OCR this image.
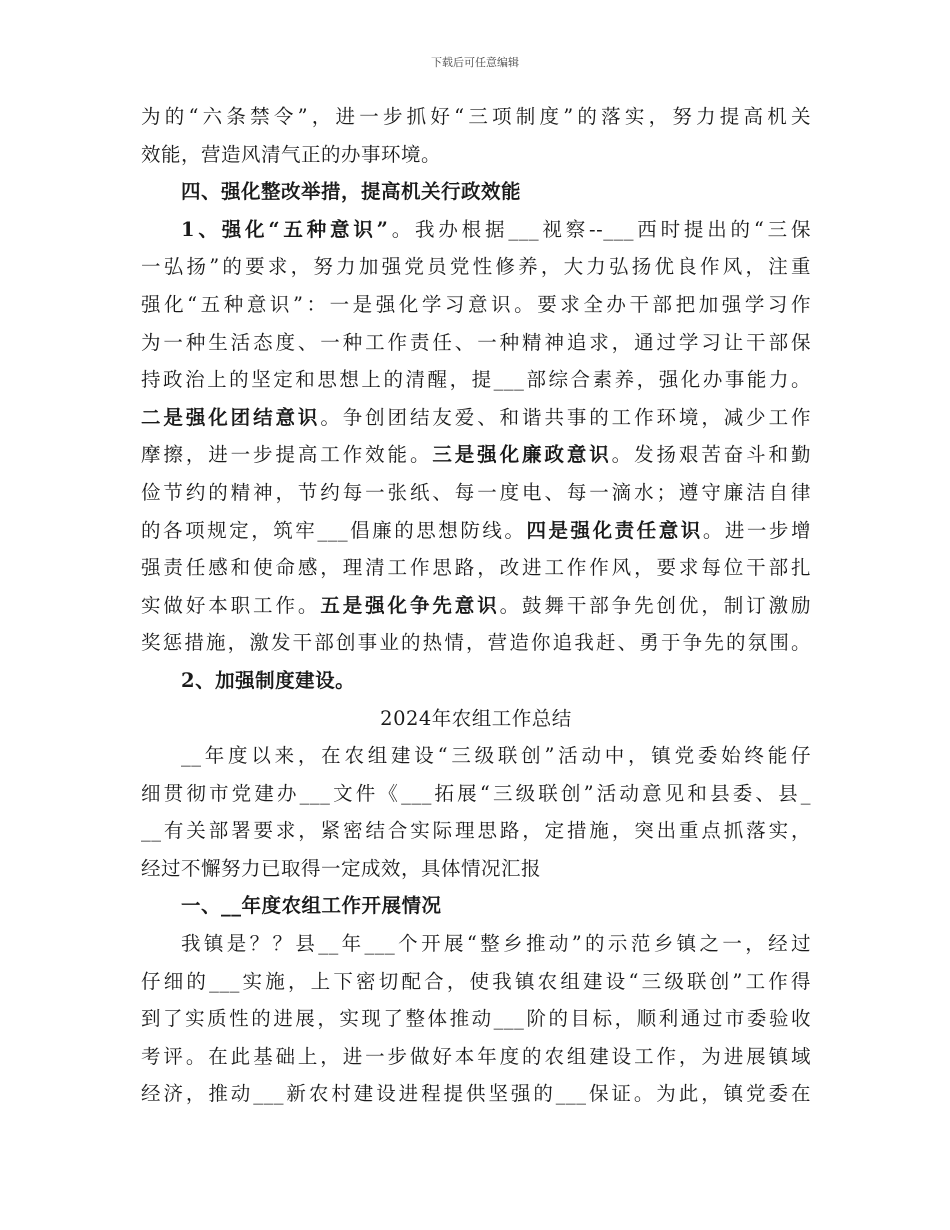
下载后可任意编辑
为的“六条禁令”，进一步抓好“三项制度”的落实，努力提高机关
效能，营造风清气正的办事环境。
四、强化整改举措，提高机关行政效能
1、强化“五种意识”。我办根据___视察--___西时提出的“三保
一弘扬”的要求，努力加强党员党性修养，大力弘扬优良作风，注重
强化“五种意识”：一是强化学习意识。要求全办干部把加强学习作
为一种生活态度、一种工作责任、一种精神追求，通过学习让干部保
持政治上的坚定和思想上的清醒，提___部综合素养，强化办事能力。
二是强化团结意识。争创团结友爱、和谐共事的工作环境，减少工作
摩擦，进一步提高工作效能。三是强化廉政意识。发扬艰苦奋斗和勤
俭节约的精神，节约每一张纸、每一度电、每一滴水；遵守廉洁自律
的各项规定，筑牢___倡廉的思想防线。四是强化责任意识。进一步增
强责任感和使命感，理清工作思路，改进工作作风，要求每位干部扎
实做好本职工作。五是强化争先意识。鼓舞干部争先创优，制订激励
奖惩措施，激发干部创事业的热情，营造你追我赶、勇于争先的氛围。
2、加强制度建设。
2024年农组工作总结
__年度以来，在农组建设“三级联创”活动中，镇党委始终能仔
细贯彻市党建办___文件《___拓展“三级联创”活动意见和县委、县_
__有关部署要求，紧密结合实际理思路，定措施，突出重点抓落实，
经过不懈努力已取得一定成效，具体情况汇报
一、__年度农组工作开展情况
我镇是？？县__年___个开展“整乡推动”的示范乡镇之一，经过
仔细的___实施，上下密切配合，使我镇农组建设“三级联创”工作得
到了实质性的进展，实现了整体推动___阶的目标，顺利通过市委验收
考评。在此基础上，进一步做好本年度的农组建设工作，为进展镇域
经济，推动___新农村建设进程提供坚强的___保证。为此，镇党委在
